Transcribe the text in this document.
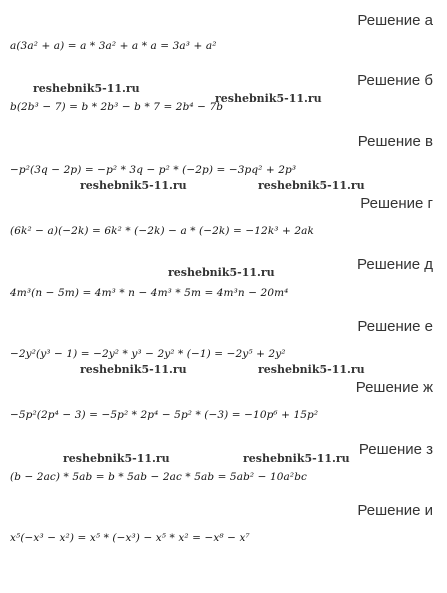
Решение а
a(3a² + a) = a * 3a² + a * a = 3a³ + a²
Решение б
reshebnik5-11.ru
reshebnik5-11.ru
b(2b³ − 7) = b * 2b³ − b * 7 = 2b⁴ − 7b
Решение в
−p²(3q − 2p) = −p² * 3q − p² * (−2p) = −3pq² + 2p³
reshebnik5-11.ru	reshebnik5-11.ru
Решение г
(6k² − a)(−2k) = 6k² * (−2k) − a * (−2k) = −12k³ + 2ak
Решение д
reshebnik5-11.ru
4m³(n − 5m) = 4m³ * n − 4m³ * 5m = 4m³n − 20m⁴
Решение е
−2y²(y³ − 1) = −2y² * y³ − 2y² * (−1) = −2y⁵ + 2y²
reshebnik5-11.ru	reshebnik5-11.ru
Решение ж
−5p²(2p⁴ − 3) = −5p² * 2p⁴ − 5p² * (−3) = −10p⁶ + 15p²
Решение з
reshebnik5-11.ru	reshebnik5-11.ru
(b − 2ac) * 5ab = b * 5ab − 2ac * 5ab = 5ab² − 10a²bc
Решение и
x⁵(−x³ − x²) = x⁵ * (−x³) − x⁵ * x² = −x⁸ − x⁷
